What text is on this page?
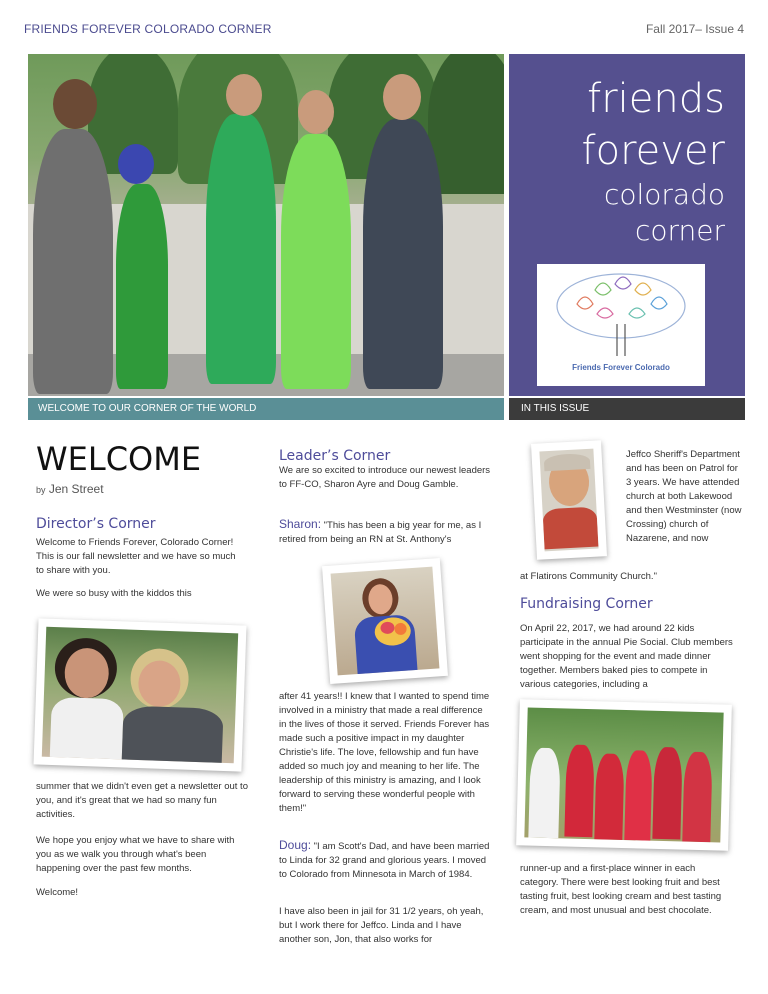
FRIENDS FOREVER COLORADO CORNER	Fall 2017– Issue 4
friends
forever
colorado
corner
Friends Forever Colorado
WELCOME TO OUR CORNER OF THE WORLD	IN THIS ISSUE
WELCOME
by Jen Street
Director’s Corner
Welcome to Friends Forever, Colorado Corner! This is our fall newsletter and we have so much to share with you.
We were so busy with the kiddos this
summer that we didn't even get a newsletter out to you, and it's great that we had so many fun activities.
We hope you enjoy what we have to share with you as we walk you through what's been happening over the past few months.
Welcome!
Leader’s Corner
We are so excited to introduce our newest leaders to FF-CO, Sharon Ayre and Doug Gamble.
Sharon: "This has been a big year for me, as I retired from being an RN at St. Anthony's
after 41 years!! I knew that I wanted to spend time involved in a ministry that made a real difference in the lives of those it served. Friends Forever has made such a positive impact in my daughter Christie's life. The love, fellowship and fun have added so much joy and meaning to her life. The leadership of this ministry is amazing, and I look forward to serving these wonderful people with them!"
Doug: "I am Scott's Dad, and have been married to Linda for 32 grand and glorious years. I moved to Colorado from Minnesota in March of 1984.
I have also been in jail for 31 1/2 years, oh yeah, but I work there for Jeffco. Linda and I have another son, Jon, that also works for
Jeffco Sheriff's Department and has been on Patrol for 3 years. We have attended church at both Lakewood and then Westminster (now Crossing) church of Nazarene, and now
at Flatirons Community Church."
Fundraising Corner
On April 22, 2017, we had around 22 kids participate in the annual Pie Social. Club members went shopping for the event and made dinner together. Members baked pies to compete in various categories, including a
runner-up and a first-place winner in each category. There were best looking fruit and best tasting fruit, best looking cream and best tasting cream, and most unusual and best chocolate.
